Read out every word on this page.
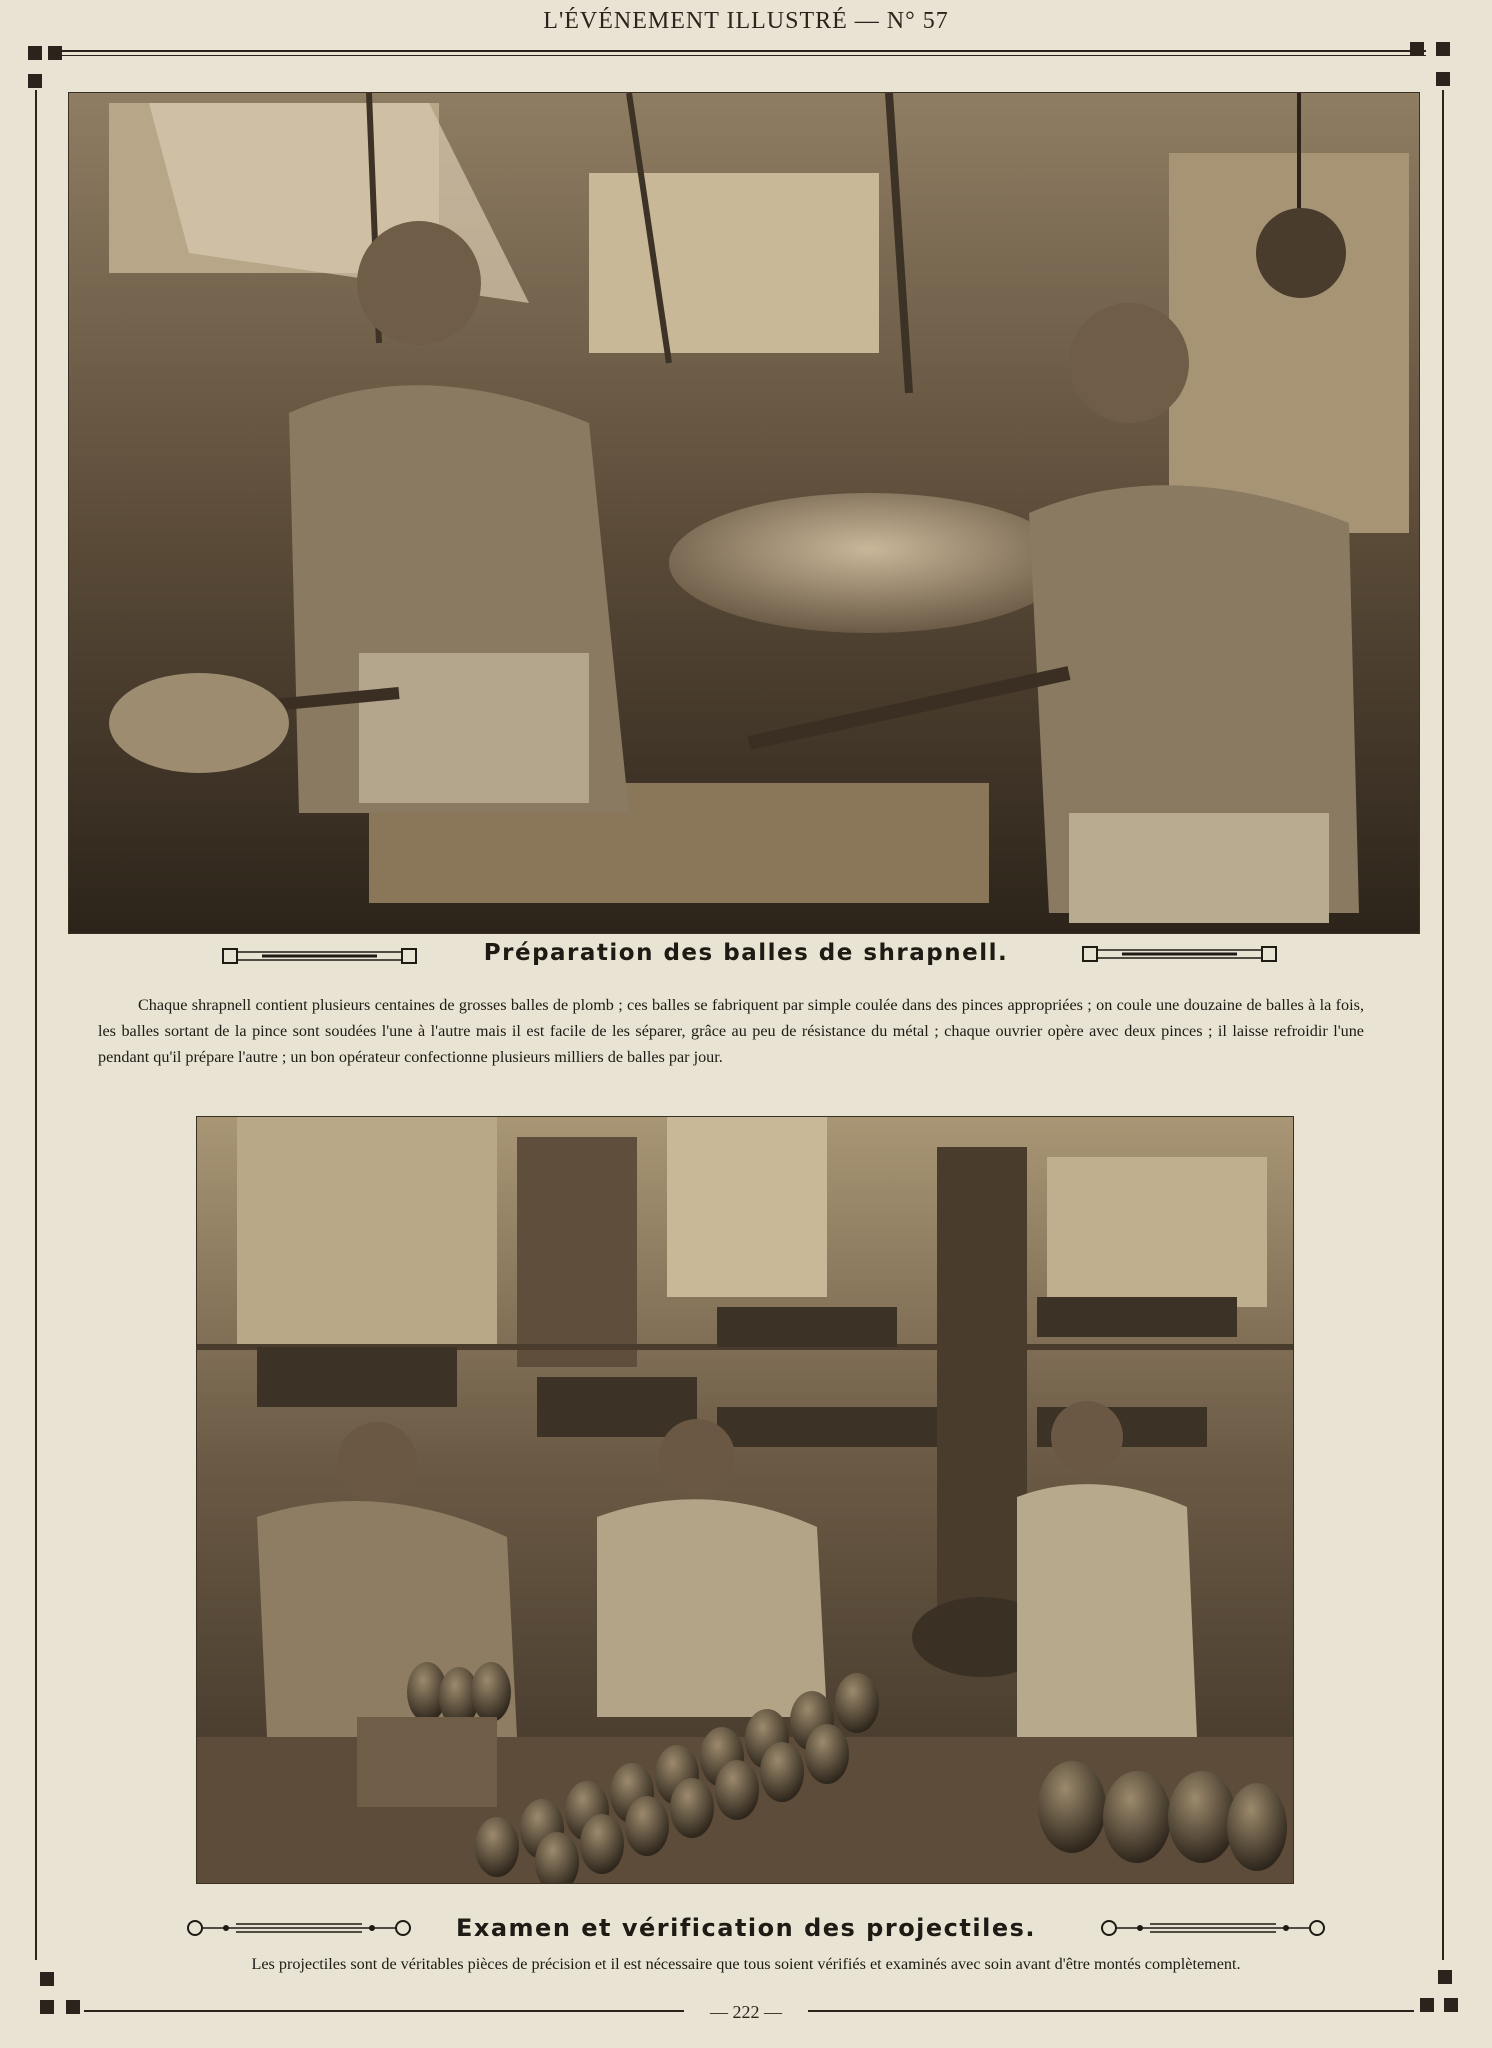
L'ÉVÉNEMENT ILLUSTRÉ — N° 57
Préparation des balles de shrapnell.
Chaque shrapnell contient plusieurs centaines de grosses balles de plomb ; ces balles se fabriquent par simple coulée dans des pinces appropriées ; on coule une douzaine de balles à la fois, les balles sortant de la pince sont soudées l'une à l'autre mais il est facile de les séparer, grâce au peu de résistance du métal ; chaque ouvrier opère avec deux pinces ; il laisse refroidir l'une pendant qu'il prépare l'autre ; un bon opérateur confectionne plusieurs milliers de balles par jour.
Examen et vérification des projectiles.
Les projectiles sont de véritables pièces de précision et il est nécessaire que tous soient vérifiés et examinés avec soin avant d'être montés complètement.
— 222 —
